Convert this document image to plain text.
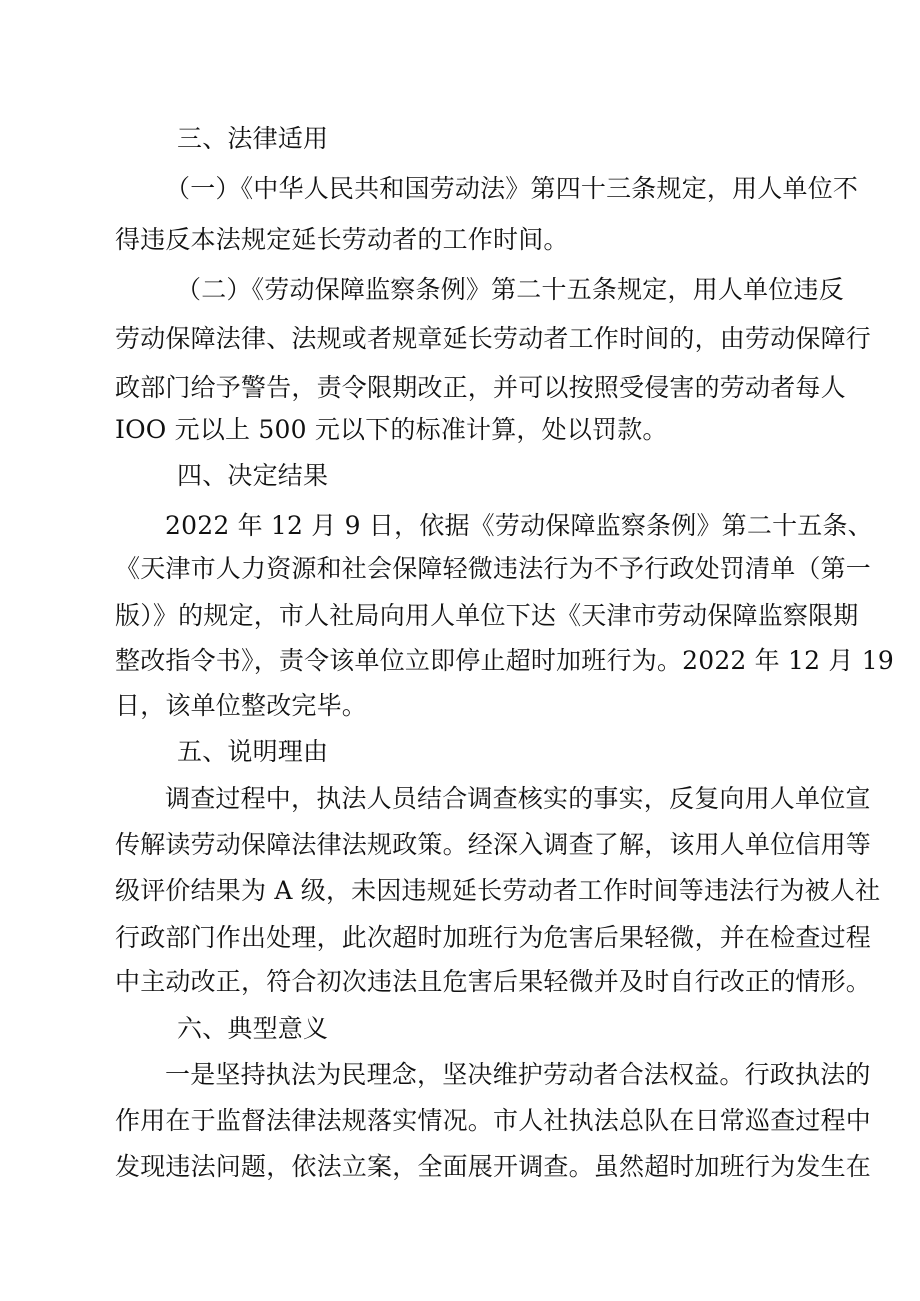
三、法律适用
（一）《中华人民共和国劳动法》第四十三条规定，用人单位不
得违反本法规定延长劳动者的工作时间。
（二）《劳动保障监察条例》第二十五条规定，用人单位违反
劳动保障法律、法规或者规章延长劳动者工作时间的，由劳动保障行
政部门给予警告，责令限期改正，并可以按照受侵害的劳动者每人
IOO 元以上 500 元以下的标准计算，处以罚款。
四、决定结果
2022 年 12 月 9 日，依据《劳动保障监察条例》第二十五条、
《天津市人力资源和社会保障轻微违法行为不予行政处罚清单（第一
版）》的规定，市人社局向用人单位下达《天津市劳动保障监察限期
整改指令书》，责令该单位立即停止超时加班行为。2022 年 12 月 19
日，该单位整改完毕。
五、说明理由
调查过程中，执法人员结合调查核实的事实，反复向用人单位宣
传解读劳动保障法律法规政策。经深入调查了解，该用人单位信用等
级评价结果为 A 级，未因违规延长劳动者工作时间等违法行为被人社
行政部门作出处理，此次超时加班行为危害后果轻微，并在检查过程
中主动改正，符合初次违法且危害后果轻微并及时自行改正的情形。
六、典型意义
一是坚持执法为民理念，坚决维护劳动者合法权益。行政执法的
作用在于监督法律法规落实情况。市人社执法总队在日常巡查过程中
发现违法问题，依法立案，全面展开调查。虽然超时加班行为发生在
